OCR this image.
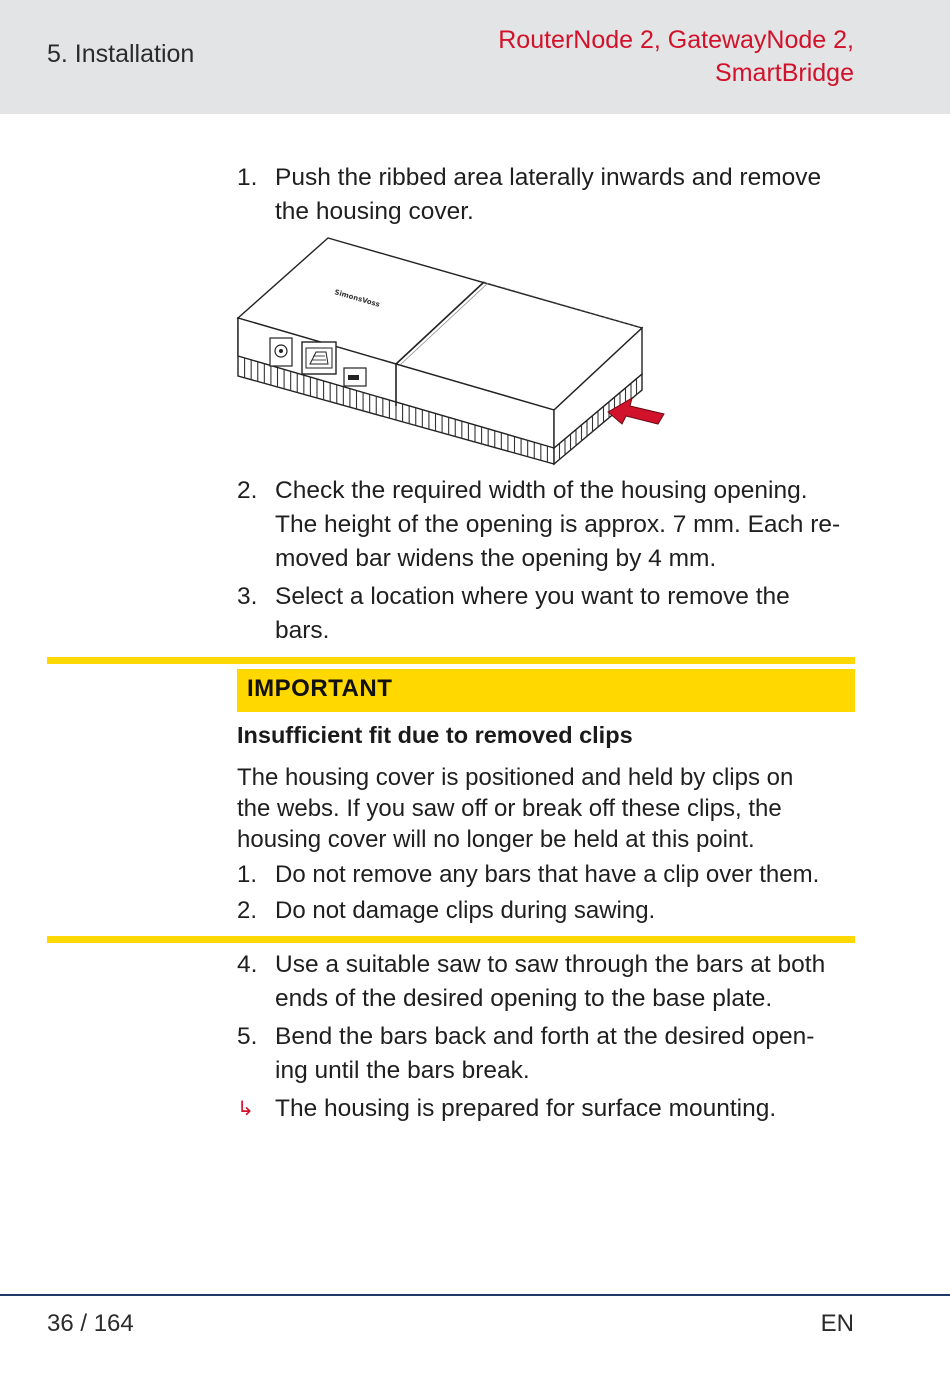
5. Installation	RouterNode 2, GatewayNode 2,
SmartBridge
1. Push the ribbed area laterally inwards and remove
the housing cover.
SimonsVoss
2. Check the required width of the housing opening.
The height of the opening is approx. 7 mm. Each re-
moved bar widens the opening by 4 mm.
3. Select a location where you want to remove the
bars.
IMPORTANT
Insufficient fit due to removed clips
The housing cover is positioned and held by clips on
the webs. If you saw off or break off these clips, the
housing cover will no longer be held at this point.
1. Do not remove any bars that have a clip over them.
2. Do not damage clips during sawing.
4. Use a suitable saw to saw through the bars at both
ends of the desired opening to the base plate.
5. Bend the bars back and forth at the desired open-
ing until the bars break.
↳ The housing is prepared for surface mounting.
36 / 164	EN
